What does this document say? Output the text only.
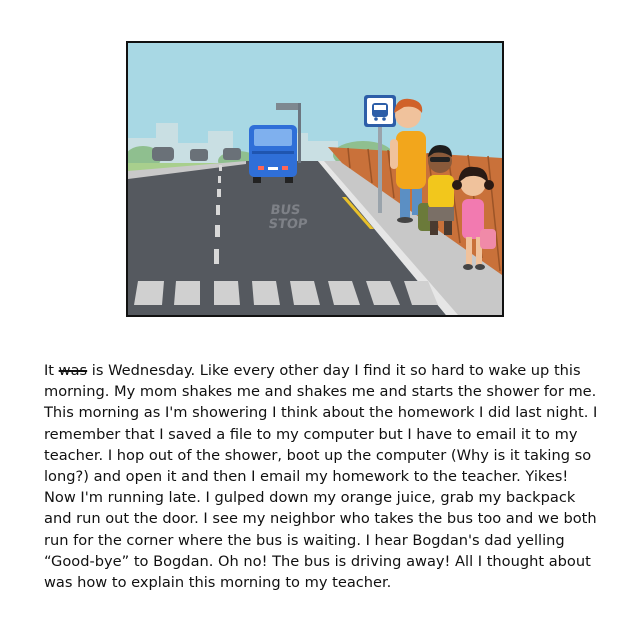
BUS
STOP

It was is Wednesday. Like every other day I find it so hard to wake up this morning. My mom shakes me and shakes me and starts the shower for me. This morning as I'm showering I think about the homework I did last night. I remember that I saved a file to my computer but I have to email it to my teacher. I hop out of the shower, boot up the computer (Why is it taking so long?) and open it and then I email my homework to the teacher. Yikes! Now I'm running late. I gulped down my orange juice, grab my backpack and run out the door. I see my neighbor who takes the bus too and we both run for the corner where the bus is waiting. I hear Bogdan's dad yelling “Good-bye” to Bogdan. Oh no! The bus is driving away! All I thought about was how to explain this morning to my teacher.
